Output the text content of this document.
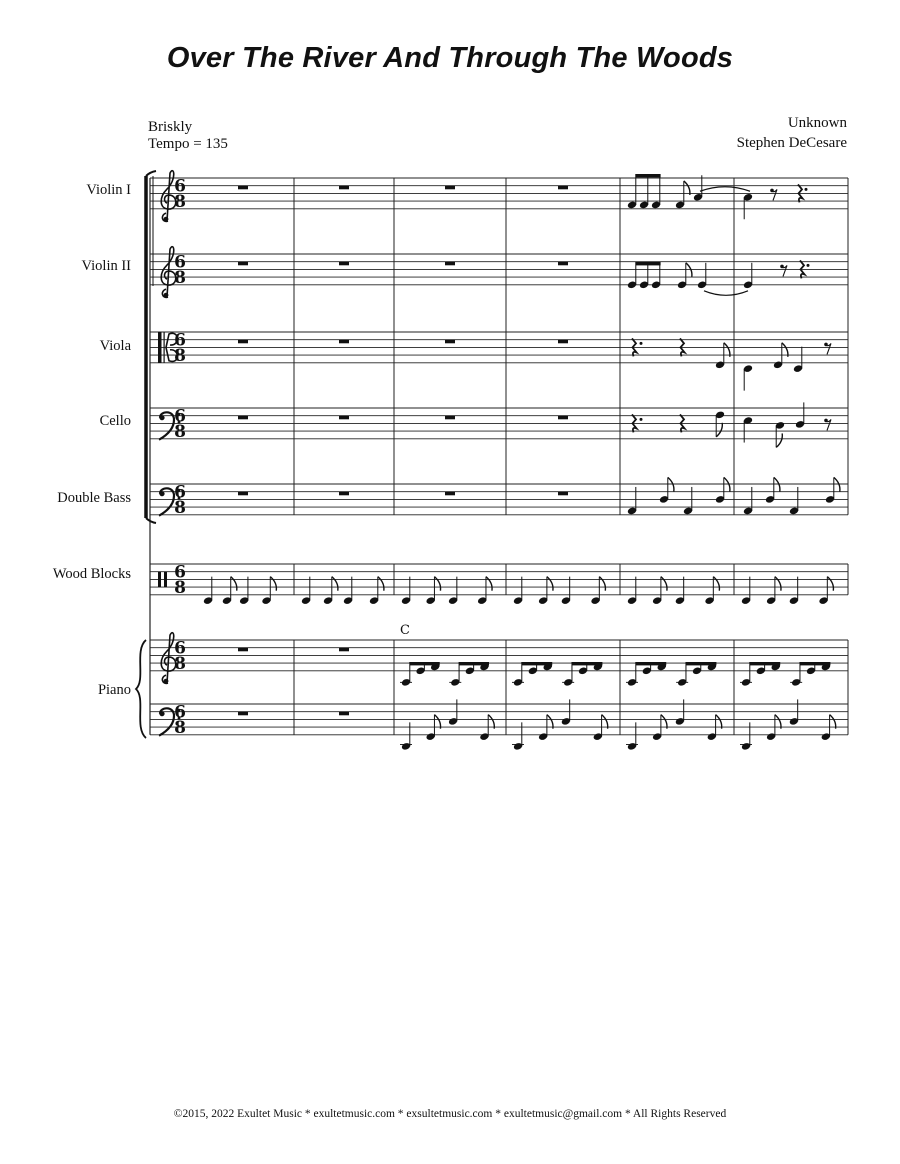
Over The River And Through The Woods
Briskly
Tempo = 135
Unknown
Stephen DeCesare
Violin I
Violin II
Viola
Cello
Double Bass
Wood Blocks
Piano
6
8
6
8
6
8
6
8
6
8
6
8
6
8
6
8
C
©2015, 2022 Exultet Music * exultetmusic.com * exsultetmusic.com * exultetmusic@gmail.com * All Rights Reserved
